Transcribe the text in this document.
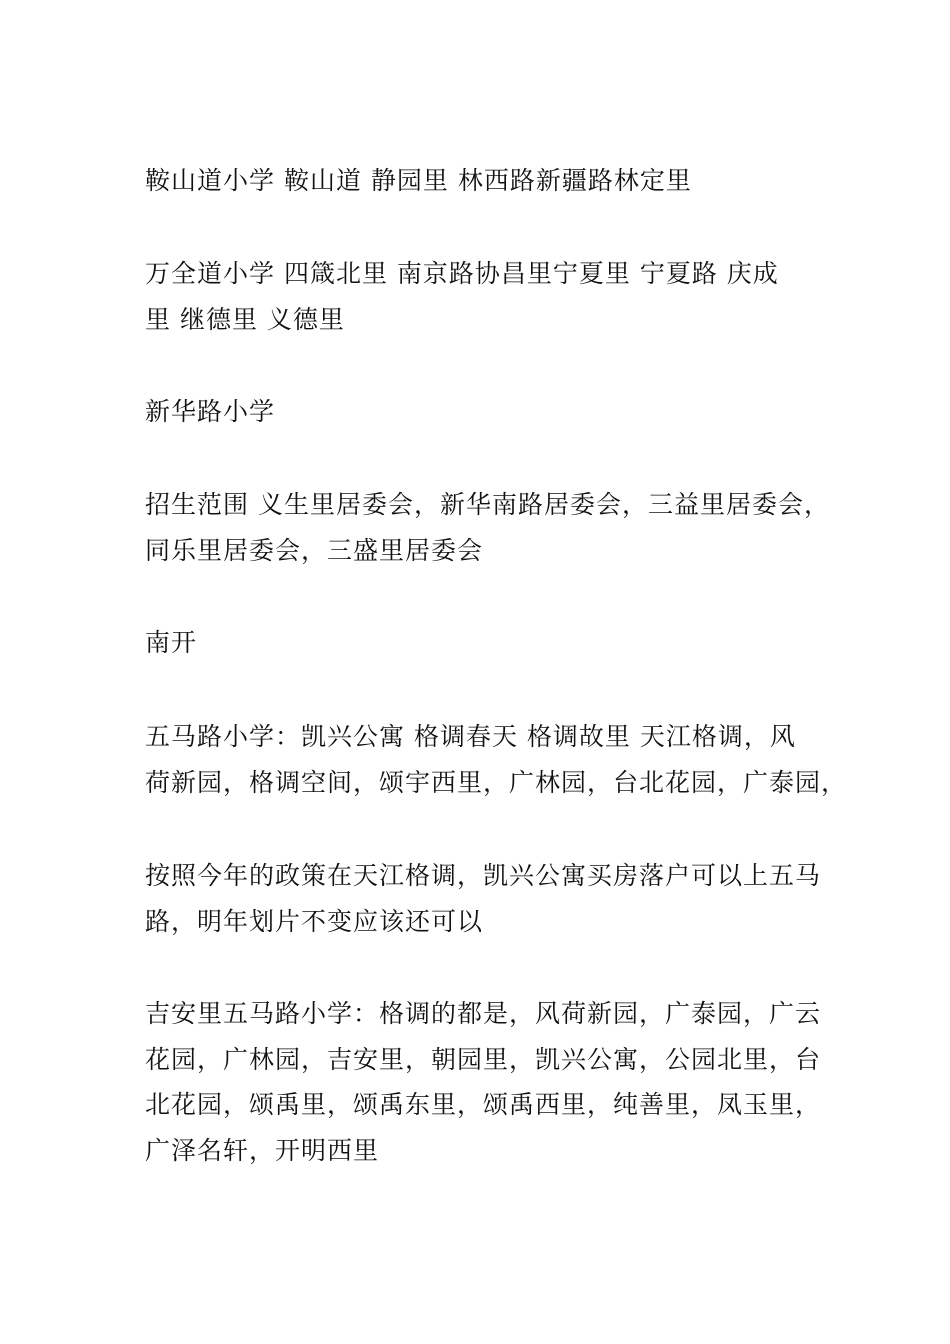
鞍山道小学 鞍山道 静园里 林西路新疆路林定里

万全道小学 四箴北里 南京路协昌里宁夏里 宁夏路 庆成
里 继德里 义德里

新华路小学

招生范围 义生里居委会，新华南路居委会，三益里居委会，
同乐里居委会，三盛里居委会

南开

五马路小学：凯兴公寓 格调春天 格调故里 天江格调，风
荷新园，格调空间，颂宇西里，广林园，台北花园，广泰园，

按照今年的政策在天江格调，凯兴公寓买房落户可以上五马
路，明年划片不变应该还可以

吉安里五马路小学：格调的都是，风荷新园，广泰园，广云
花园，广林园，吉安里，朝园里，凯兴公寓，公园北里，台
北花园，颂禹里，颂禹东里，颂禹西里，纯善里，凤玉里，
广泽名轩，开明西里
